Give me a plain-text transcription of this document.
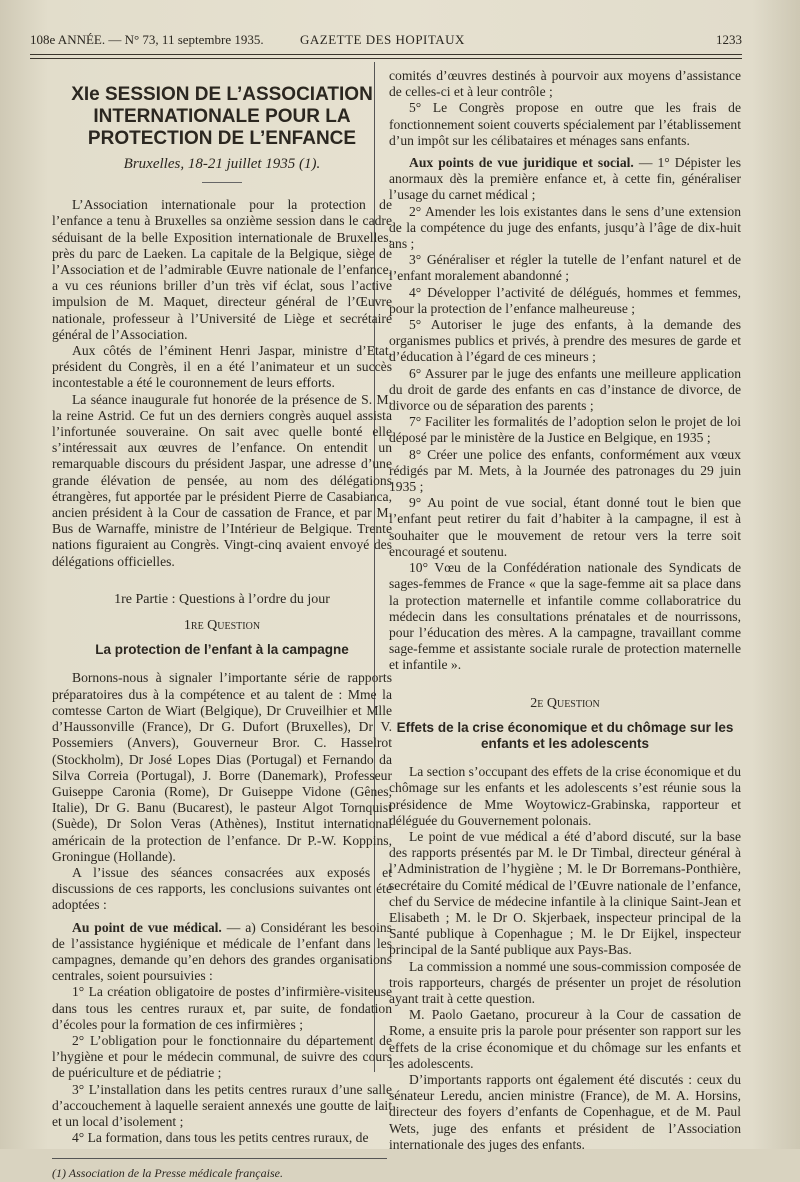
108e ANNÉE. — N° 73, 11 septembre 1935.	GAZETTE DES HOPITAUX	1233
XIe SESSION DE L’ASSOCIATION INTERNATIONALE POUR LA PROTECTION DE L’ENFANCE
Bruxelles, 18-21 juillet 1935 (1).

L’Association internationale pour la protection de l’enfance a tenu à Bruxelles sa onzième session dans le cadre séduisant de la belle Exposition internationale de Bruxelles, près du parc de Laeken. La capitale de la Belgique, siège de l’Association et de l’admirable Œuvre nationale de l’enfance, a vu ces réunions briller d’un très vif éclat, sous l’active impulsion de M. Maquet, directeur général de l’Œuvre nationale, professeur à l’Université de Liège et secrétaire général de l’Association.

Aux côtés de l’éminent Henri Jaspar, ministre d’Etat, président du Congrès, il en a été l’animateur et un succès incontestable a été le couronnement de leurs efforts.

La séance inaugurale fut honorée de la présence de S. M. la reine Astrid. Ce fut un des derniers congrès auquel assista l’infortunée souveraine. On sait avec quelle bonté elle s’intéressait aux œuvres de l’enfance. On entendit un remarquable discours du président Jaspar, une adresse d’une grande élévation de pensée, au nom des délégations étrangères, fut apportée par le président Pierre de Casabianca, ancien président à la Cour de cassation de France, et par M. Bus de Warnaffe, ministre de l’Intérieur de Belgique. Trente nations figuraient au Congrès. Vingt-cinq avaient envoyé des délégations officielles.

1re Partie : Questions à l’ordre du jour
1re Question
La protection de l’enfant à la campagne

Bornons-nous à signaler l’importante série de rapports préparatoires dus à la compétence et au talent de : Mme la comtesse Carton de Wiart (Belgique), Dr Cruveilhier et Mlle d’Haussonville (France), Dr G. Dufort (Bruxelles), Dr V. Possemiers (Anvers), Gouverneur Bror. C. Hasselrot (Stockholm), Dr José Lopes Dias (Portugal) et Fernando da Silva Correia (Portugal), J. Borre (Danemark), Professeur Guiseppe Caronia (Rome), Dr Guiseppe Vidone (Gênes, Italie), Dr G. Banu (Bucarest), le pasteur Algot Tornquist (Suède), Dr Solon Veras (Athènes), Institut international américain de la protection de l’enfance. Dr P.-W. Koppins, Groningue (Hollande).

A l’issue des séances consacrées aux exposés et discussions de ces rapports, les conclusions suivantes ont été adoptées :

Au point de vue médical. — a) Considérant les besoins de l’assistance hygiénique et médicale de l’enfant dans les campagnes, demande qu’en dehors des grandes organisations centrales, soient poursuivies :

1° La création obligatoire de postes d’infirmière-visiteuse dans tous les centres ruraux et, par suite, de fondation d’écoles pour la formation de ces infirmières ;

2° L’obligation pour le fonctionnaire du département de l’hygiène et pour le médecin communal, de suivre des cours de puériculture et de pédiatrie ;

3° L’installation dans les petits centres ruraux d’une salle d’accouchement à laquelle seraient annexés une goutte de lait et un local d’isolement ;

4° La formation, dans tous les petits centres ruraux, de

(1) Association de la Presse médicale française.

comités d’œuvres destinés à pourvoir aux moyens d’assistance de celles-ci et à leur contrôle ;

5° Le Congrès propose en outre que les frais de fonctionnement soient couverts spécialement par l’établissement d’un impôt sur les célibataires et ménages sans enfants.

Aux points de vue juridique et social. — 1° Dépister les anormaux dès la première enfance et, à cette fin, généraliser l’usage du carnet médical ;

2° Amender les lois existantes dans le sens d’une extension de la compétence du juge des enfants, jusqu’à l’âge de dix-huit ans ;

3° Généraliser et régler la tutelle de l’enfant naturel et de l’enfant moralement abandonné ;

4° Développer l’activité de délégués, hommes et femmes, pour la protection de l’enfance malheureuse ;

5° Autoriser le juge des enfants, à la demande des organismes publics et privés, à prendre des mesures de garde et d’éducation à l’égard de ces mineurs ;

6° Assurer par le juge des enfants une meilleure application du droit de garde des enfants en cas d’instance de divorce, de divorce ou de séparation des parents ;

7° Faciliter les formalités de l’adoption selon le projet de loi déposé par le ministère de la Justice en Belgique, en 1935 ;

8° Créer une police des enfants, conformément aux vœux rédigés par M. Mets, à la Journée des patronages du 29 juin 1935 ;

9° Au point de vue social, étant donné tout le bien que l’enfant peut retirer du fait d’habiter à la campagne, il est à souhaiter que le mouvement de retour vers la terre soit encouragé et soutenu.

10° Vœu de la Confédération nationale des Syndicats de sages-femmes de France « que la sage-femme ait sa place dans la protection maternelle et infantile comme collaboratrice du médecin dans les consultations prénatales et de nourrissons, pour l’éducation des mères. A la campagne, travaillant comme sage-femme et assistante sociale rurale de protection maternelle et infantile ».

2e Question
Effets de la crise économique et du chômage sur les enfants et les adolescents

La section s’occupant des effets de la crise économique et du chômage sur les enfants et les adolescents s’est réunie sous la présidence de Mme Woytowicz-Grabinska, rapporteur et déléguée du Gouvernement polonais.

Le point de vue médical a été d’abord discuté, sur la base des rapports présentés par M. le Dr Timbal, directeur général à l’Administration de l’hygiène ; M. le Dr Borremans-Ponthière, secrétaire du Comité médical de l’Œuvre nationale de l’enfance, chef du Service de médecine infantile à la clinique Saint-Jean et Elisabeth ; M. le Dr O. Skjerbaek, inspecteur principal de la Santé publique à Copenhague ; M. le Dr Eijkel, inspecteur principal de la Santé publique aux Pays-Bas.

La commission a nommé une sous-commission composée de trois rapporteurs, chargés de présenter un projet de résolution ayant trait à cette question.

M. Paolo Gaetano, procureur à la Cour de cassation de Rome, a ensuite pris la parole pour présenter son rapport sur les effets de la crise économique et du chômage sur les enfants et les adolescents.

D’importants rapports ont également été discutés : ceux du sénateur Leredu, ancien ministre (France), de M. A. Horsins, directeur des foyers d’enfants de Copenhague, et de M. Paul Wets, juge des enfants et président de l’Association internationale des juges des enfants.
